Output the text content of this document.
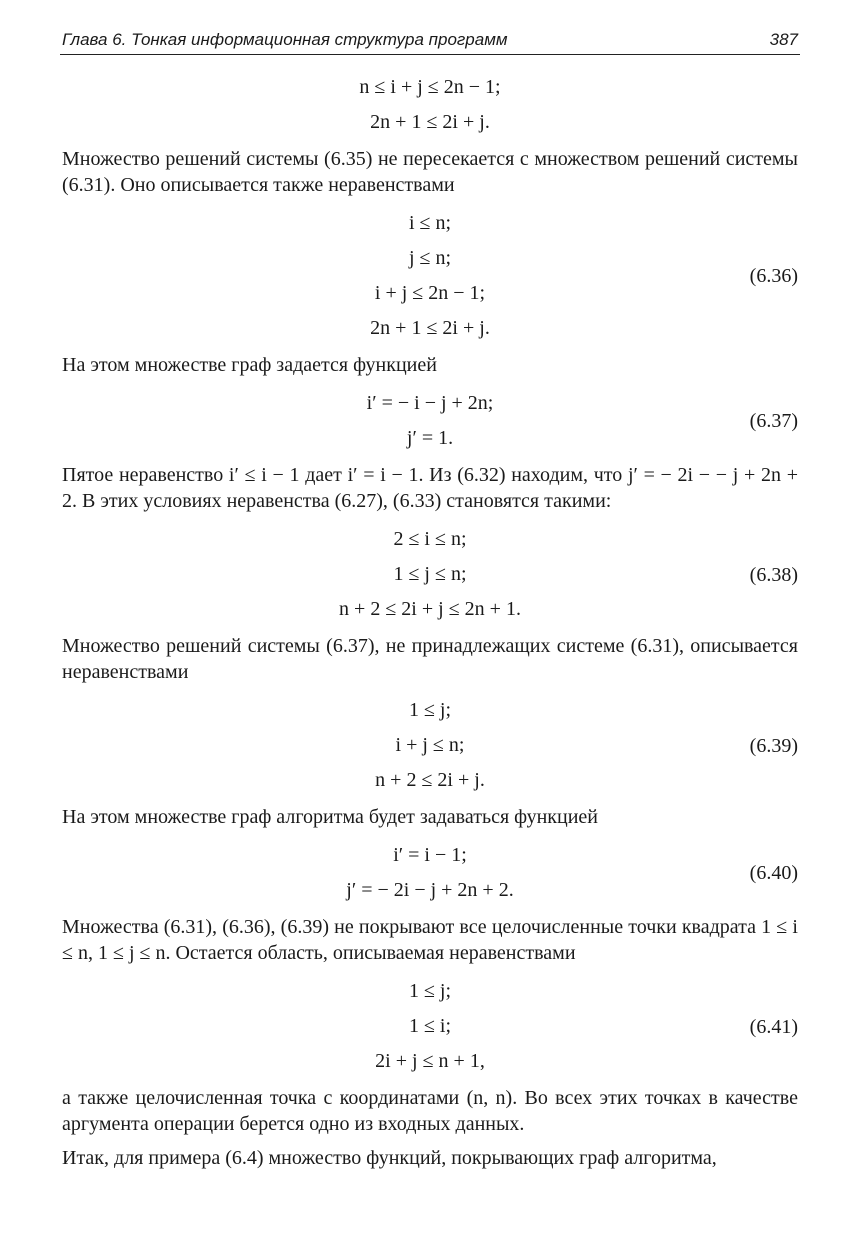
Глава 6. Тонкая информационная структура программ	387
n ≤ i + j ≤ 2n − 1;
2n + 1 ≤ 2i + j.

Множество решений системы (6.35) не пересекается с множеством решений системы (6.31). Оно описывается также неравенствами

i ≤ n;
j ≤ n;
i + j ≤ 2n − 1;
2n + 1 ≤ 2i + j.
(6.36)

На этом множестве граф задается функцией

i′ = − i − j + 2n;
j′ = 1.
(6.37)

Пятое неравенство i′ ≤ i − 1 дает i′ = i − 1. Из (6.32) находим, что j′ = − 2i − − j + 2n + 2. В этих условиях неравенства (6.27), (6.33) становятся такими:

2 ≤ i ≤ n;
1 ≤ j ≤ n;
n + 2 ≤ 2i + j ≤ 2n + 1.
(6.38)

Множество решений системы (6.37), не принадлежащих системе (6.31), описывается неравенствами

1 ≤ j;
i + j ≤ n;
n + 2 ≤ 2i + j.
(6.39)

На этом множестве граф алгоритма будет задаваться функцией

i′ = i − 1;
j′ = − 2i − j + 2n + 2.
(6.40)

Множества (6.31), (6.36), (6.39) не покрывают все целочисленные точки квадрата 1 ≤ i ≤ n, 1 ≤ j ≤ n. Остается область, описываемая неравенствами

1 ≤ j;
1 ≤ i;
2i + j ≤ n + 1,
(6.41)

а также целочисленная точка с координатами (n, n). Во всех этих точках в качестве аргумента операции берется одно из входных данных.

Итак, для примера (6.4) множество функций, покрывающих граф алгоритма,
